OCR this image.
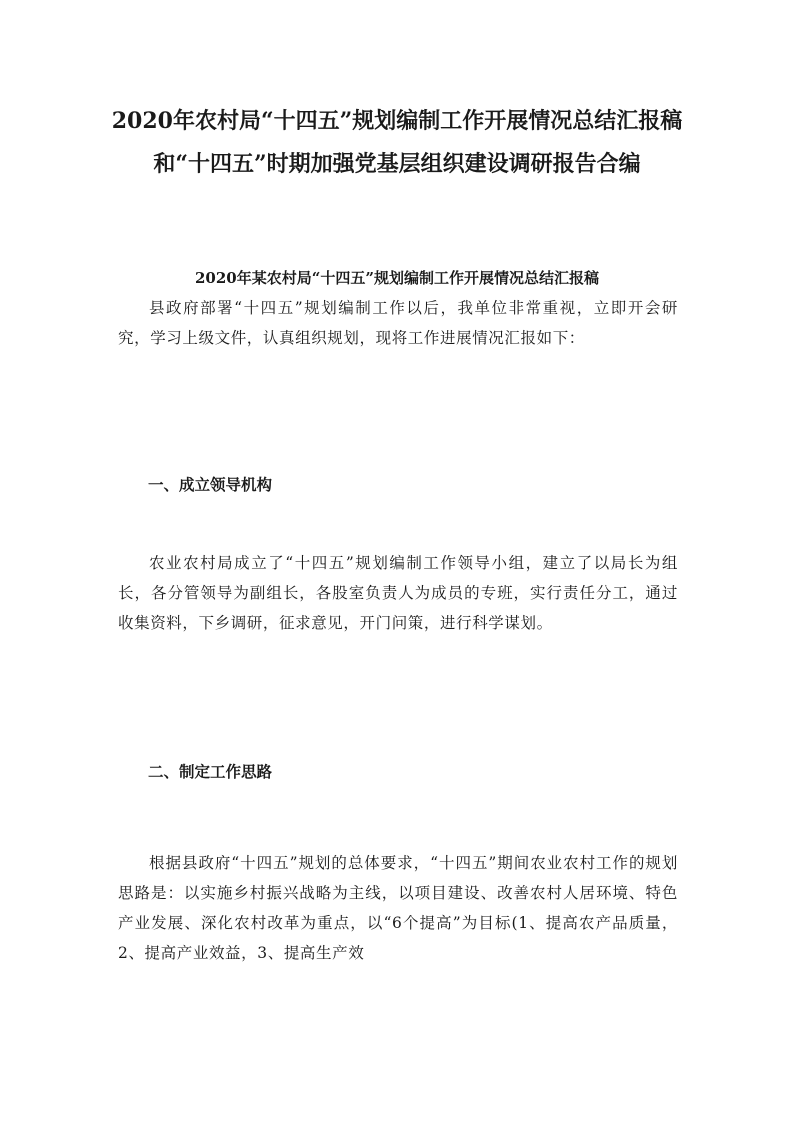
2020年农村局“十四五”规划编制工作开展情况总结汇报稿和“十四五”时期加强党基层组织建设调研报告合编

2020年某农村局“十四五”规划编制工作开展情况总结汇报稿

县政府部署“十四五”规划编制工作以后，我单位非常重视，立即开会研究，学习上级文件，认真组织规划，现将工作进展情况汇报如下：

一、成立领导机构

农业农村局成立了“十四五”规划编制工作领导小组，建立了以局长为组长，各分管领导为副组长，各股室负责人为成员的专班，实行责任分工，通过收集资料，下乡调研，征求意见，开门问策，进行科学谋划。

二、制定工作思路

根据县政府“十四五”规划的总体要求，“十四五”期间农业农村工作的规划思路是：以实施乡村振兴战略为主线，以项目建设、改善农村人居环境、特色产业发展、深化农村改革为重点，以“6个提高”为目标(1、提高农产品质量，2、提高产业效益，3、提高生产效
